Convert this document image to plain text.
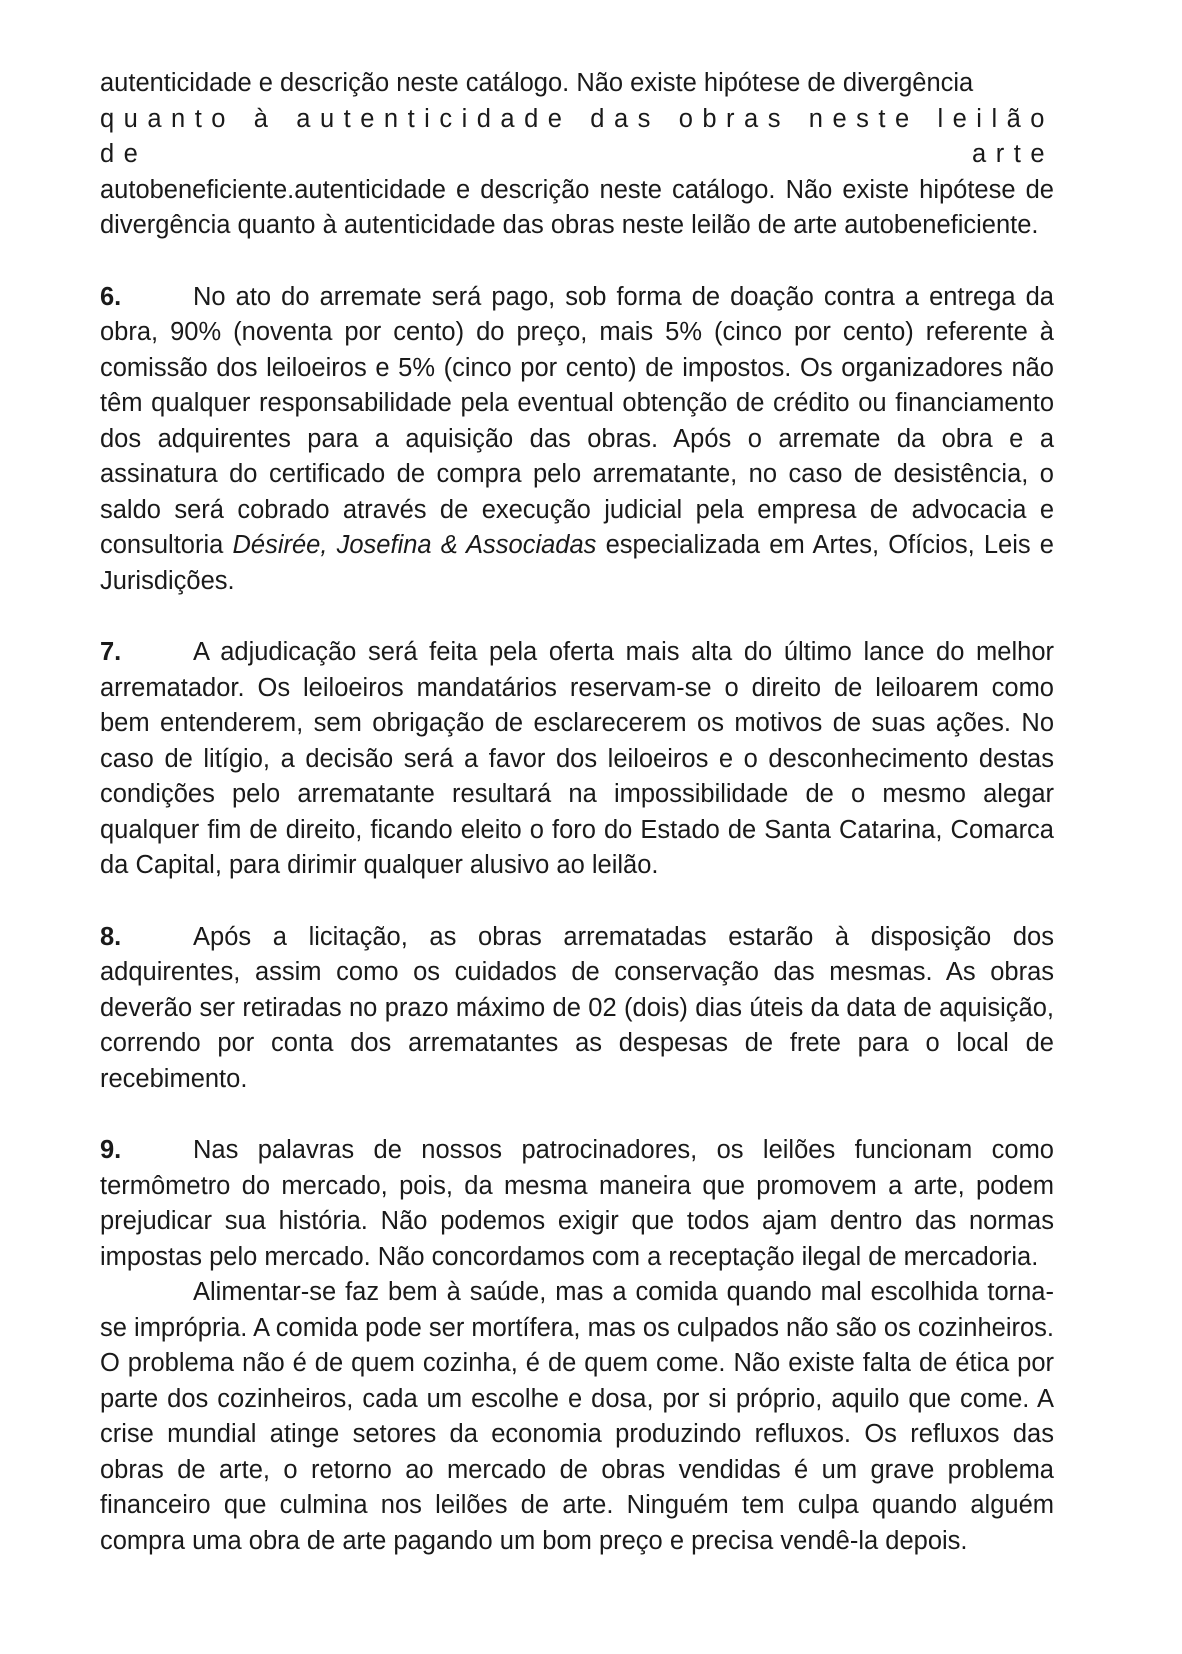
autenticidade e descrição neste catálogo. Não existe hipótese de divergência
quanto à autenticidade das obras neste leilão de arte
autobeneficiente.autenticidade e descrição neste catálogo. Não existe hipótese de divergência quanto à autenticidade das obras neste leilão de arte autobeneficiente.

6.	No ato do arremate será pago, sob forma de doação contra a entrega da obra, 90% (noventa por cento) do preço, mais 5% (cinco por cento) referente à comissão dos leiloeiros e 5% (cinco por cento) de impostos. Os organizadores não têm qualquer responsabilidade pela eventual obtenção de crédito ou financiamento dos adquirentes para a aquisição das obras. Após o arremate da obra e a assinatura do certificado de compra pelo arrematante, no caso de desistência, o saldo será cobrado através de execução judicial pela empresa de advocacia e consultoria Désirée, Josefina & Associadas especializada em Artes, Ofícios, Leis e Jurisdições.

7.	A adjudicação será feita pela oferta mais alta do último lance do melhor arrematador. Os leiloeiros mandatários reservam-se o direito de leiloarem como bem entenderem, sem obrigação de esclarecerem os motivos de suas ações. No caso de litígio, a decisão será a favor dos leiloeiros e o desconhecimento destas condições pelo arrematante resultará na impossibilidade de o mesmo alegar qualquer fim de direito, ficando eleito o foro do Estado de Santa Catarina, Comarca da Capital, para dirimir qualquer alusivo ao leilão.

8.	Após a licitação, as obras arrematadas estarão à disposição dos adquirentes, assim como os cuidados de conservação das mesmas. As obras deverão ser retiradas no prazo máximo de 02 (dois) dias úteis da data de aquisição, correndo por conta dos arrematantes as despesas de frete para o local de recebimento.

9.	Nas palavras de nossos patrocinadores, os leilões funcionam como termômetro do mercado, pois, da mesma maneira que promovem a arte, podem prejudicar sua história. Não podemos exigir que todos ajam dentro das normas impostas pelo mercado. Não concordamos com a receptação ilegal de mercadoria.

Alimentar-se faz bem à saúde, mas a comida quando mal escolhida torna-se imprópria. A comida pode ser mortífera, mas os culpados não são os cozinheiros. O problema não é de quem cozinha, é de quem come. Não existe falta de ética por parte dos cozinheiros, cada um escolhe e dosa, por si próprio, aquilo que come. A crise mundial atinge setores da economia produzindo refluxos. Os refluxos das obras de arte, o retorno ao mercado de obras vendidas é um grave problema financeiro que culmina nos leilões de arte. Ninguém tem culpa quando alguém compra uma obra de arte pagando um bom preço e precisa vendê-la depois.
